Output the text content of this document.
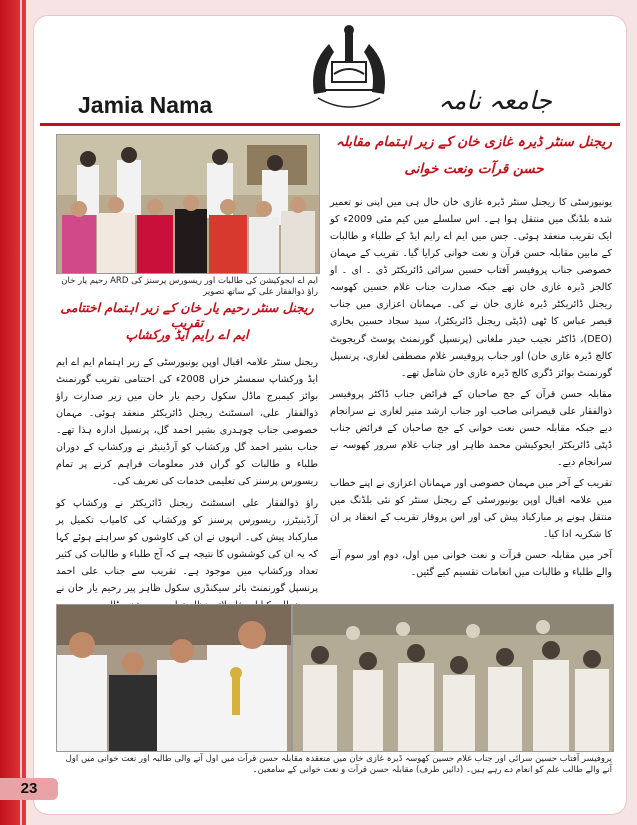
Jamia Nama	جامعہ نامہ
ایم اے ایجوکیشن کی طالبات اور ریسورس پرسنز کی ARD رحیم یار خان راؤ ذوالفقار علی کے ساتھ تصویر
ریجنل سنٹر ڈیرہ غازی خان کے زیر اہتمام مقابلہ
حسن قرآت ونعت خوانی

یونیورسٹی کا ریجنل سنٹر ڈیرہ غازی خان حال ہی میں اپنی نو تعمیر شدہ بلڈنگ میں منتقل ہوا ہے۔ اس سلسلے میں کیم مئی 2009ء کو ایک تقریب منعقد ہوئی۔ جس میں ایم اے رایم ایڈ کے طلباء و طالبات کے مابین مقابلہ حسن قرآن و نعت خوانی کرایا گیا۔ تقریب کے مہمان خصوصی جناب پروفیسر آفتاب حسین سرائی ڈائریکٹر ڈی ۔ ای ۔ او کالجز ڈیرہ غازی خان تھے جبکہ صدارت جناب غلام حسین کھوسہ ریجنل ڈائریکٹر ڈیرہ غازی خان نے کی۔ مہمانان اعزازی میں جناب قیصر عباس کا ٹھی (ڈپٹی ریجنل ڈائریکٹر)، سید سجاد حسین بخاری (DEO)، ڈاکٹر نجیب حیدر ملغانی (پرنسپل گورنمنٹ پوسٹ گریجویٹ کالج ڈیرہ غازی خان) اور جناب پروفیسر غلام مصطفی لغاری، پرنسپل گورنمنٹ بوائز ڈگری کالج ڈیرہ غازی خان شامل تھے۔

مقابلہ حسن قرآن کے جج صاحبان کے فرائض جناب ڈاکٹر پروفیسر ذوالفقار علی قیصرانی صاحب اور جناب ارشد منیر لغاری نے سرانجام دیے جبکہ مقابلہ حسن نعت خوانی کے جج صاحبان کے فرائض جناب ڈپٹی ڈائریکٹر ایجوکیشن محمد طاہر اور جناب غلام سرور کھوسہ نے سرانجام دیے۔

تقریب کے آخر میں مہمان خصوصی اور مہمانان اعزازی نے اپنے خطاب میں علامہ اقبال اوپن یونیورسٹی کے ریجنل سنٹر کو نئی بلڈنگ میں منتقل ہونے پر مبارکباد پیش کی اور اس پروقار تقریب کے انعقاد پر ان کا شکریہ ادا کیا۔

آخر میں مقابلہ حسن قرآت و نعت خوانی میں اول، دوم اور سوم آنے والے طلباء و طالبات میں انعامات تقسیم کیے گئیں۔

ریجنل سنٹر رحیم یار خان کے زیر اہتمام اختتامی تقریب
ایم اے رایم ایڈ ورکشاپ

ریجنل سنٹر علامہ اقبال اوپن یونیورسٹی کے زیر اہتمام ایم اے ایم ایڈ ورکشاپ سمسٹر خزاں 2008ء کی اختتامی تقریب گورنمنٹ بوائز کیمبرج ماڈل سکول رحیم یار خان میں زیر صدارت راؤ ذوالفقار علی، اسسٹنٹ ریجنل ڈائریکٹر منعقد ہوئی۔ مہمان خصوصی جناب چوہدری بشیر احمد گل، پرنسپل ادارہ ہذا تھے۔ جناب بشیر احمد گل ورکشاپ کو آرڈینیٹر نے ورکشاپ کے دوران طلباء و طالبات کو گراں قدر معلومات فراہم کرنے پر تمام ریسورس پرسنز کی تعلیمی خدمات کی تعریف کی۔

راؤ ذوالفقار علی اسسٹنٹ ریجنل ڈائریکٹر نے ورکشاپ کو آرڈینیٹرز، ریسورس پرسنز کو ورکشاپ کی کامیاب تکمیل پر مبارکباد پیش کی۔ انہوں نے ان کی کاوشوں کو سراہتے ہوئے کہا کہ یہ ان کی کوششوں کا نتیجہ ہے کہ آج طلباء و طالبات کی کثیر تعداد ورکشاپ میں موجود ہے۔ تقریب سے جناب علی احمد پرنسپل گورنمنٹ بائر سیکنڈری سکول ظاہر پیر رحیم یار خان نے

پروفیسر آفتاب حسین سرائی اور جناب غلام حسین کھوسہ ڈیرہ غازی خان میں منعقدہ مقابلہ حسن قرآت میں اول آنے والی طالبہ اور نعت خوانی میں اول آنے والے طالب علم کو انعام دے رہے ہیں۔ (دائیں طرف) مقابلہ حسن قرآت و نعت خوانی کے سامعین۔
23
